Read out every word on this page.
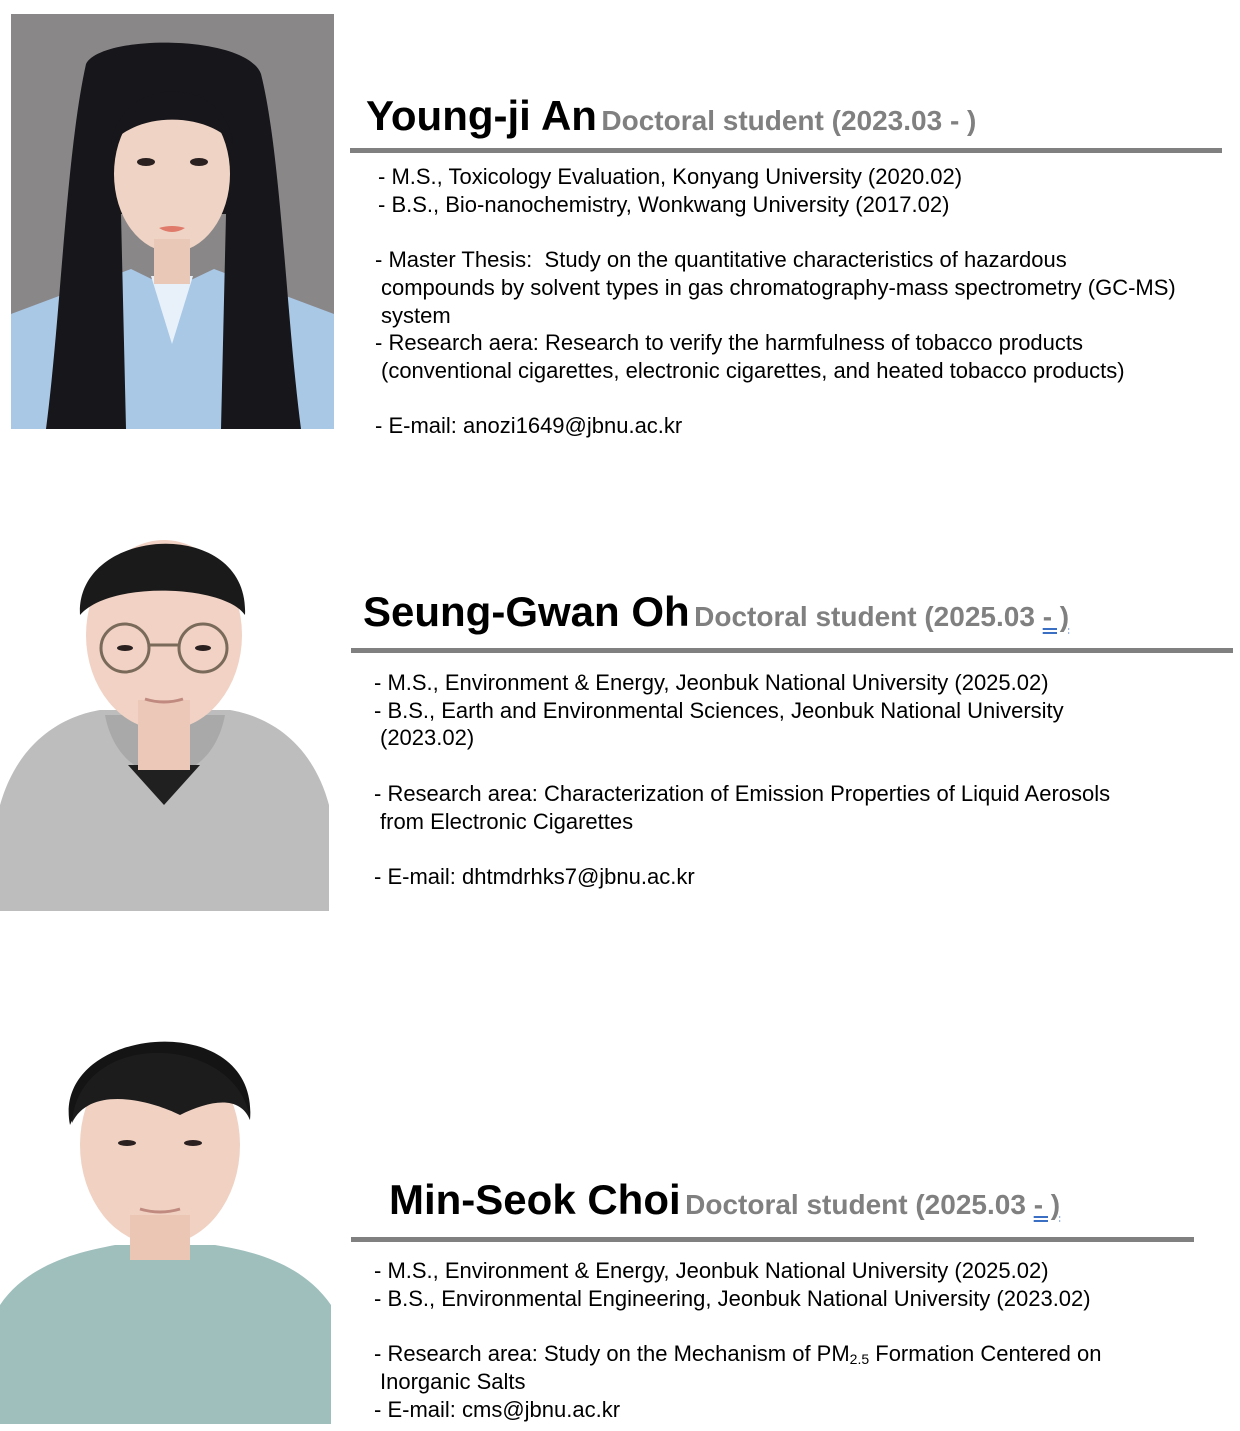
Young-ji An Doctoral student (2023.03 - )
- M.S., Toxicology Evaluation, Konyang University (2020.02)
- B.S., Bio-nanochemistry, Wonkwang University (2017.02)
- Master Thesis: Study on the quantitative characteristics of hazardous
compounds by solvent types in gas chromatography-mass spectrometry (GC-MS) system
- Research aera: Research to verify the harmfulness of tobacco products
(conventional cigarettes, electronic cigarettes, and heated tobacco products)
- E-mail: anozi1649@jbnu.ac.kr
Seung-Gwan Oh Doctoral student (2025.03 - )
- M.S., Environment & Energy, Jeonbuk National University (2025.02)
- B.S., Earth and Environmental Sciences, Jeonbuk National University
(2023.02)
- Research area: Characterization of Emission Properties of Liquid Aerosols
from Electronic Cigarettes
- E-mail: dhtmdrhks7@jbnu.ac.kr
Min-Seok Choi Doctoral student (2025.03 - )
- M.S., Environment & Energy, Jeonbuk National University (2025.02)
- B.S., Environmental Engineering, Jeonbuk National University (2023.02)
- Research area: Study on the Mechanism of $PM_{2.5}$ Formation Centered on
Inorganic Salts
- E-mail: cms@jbnu.ac.kr
